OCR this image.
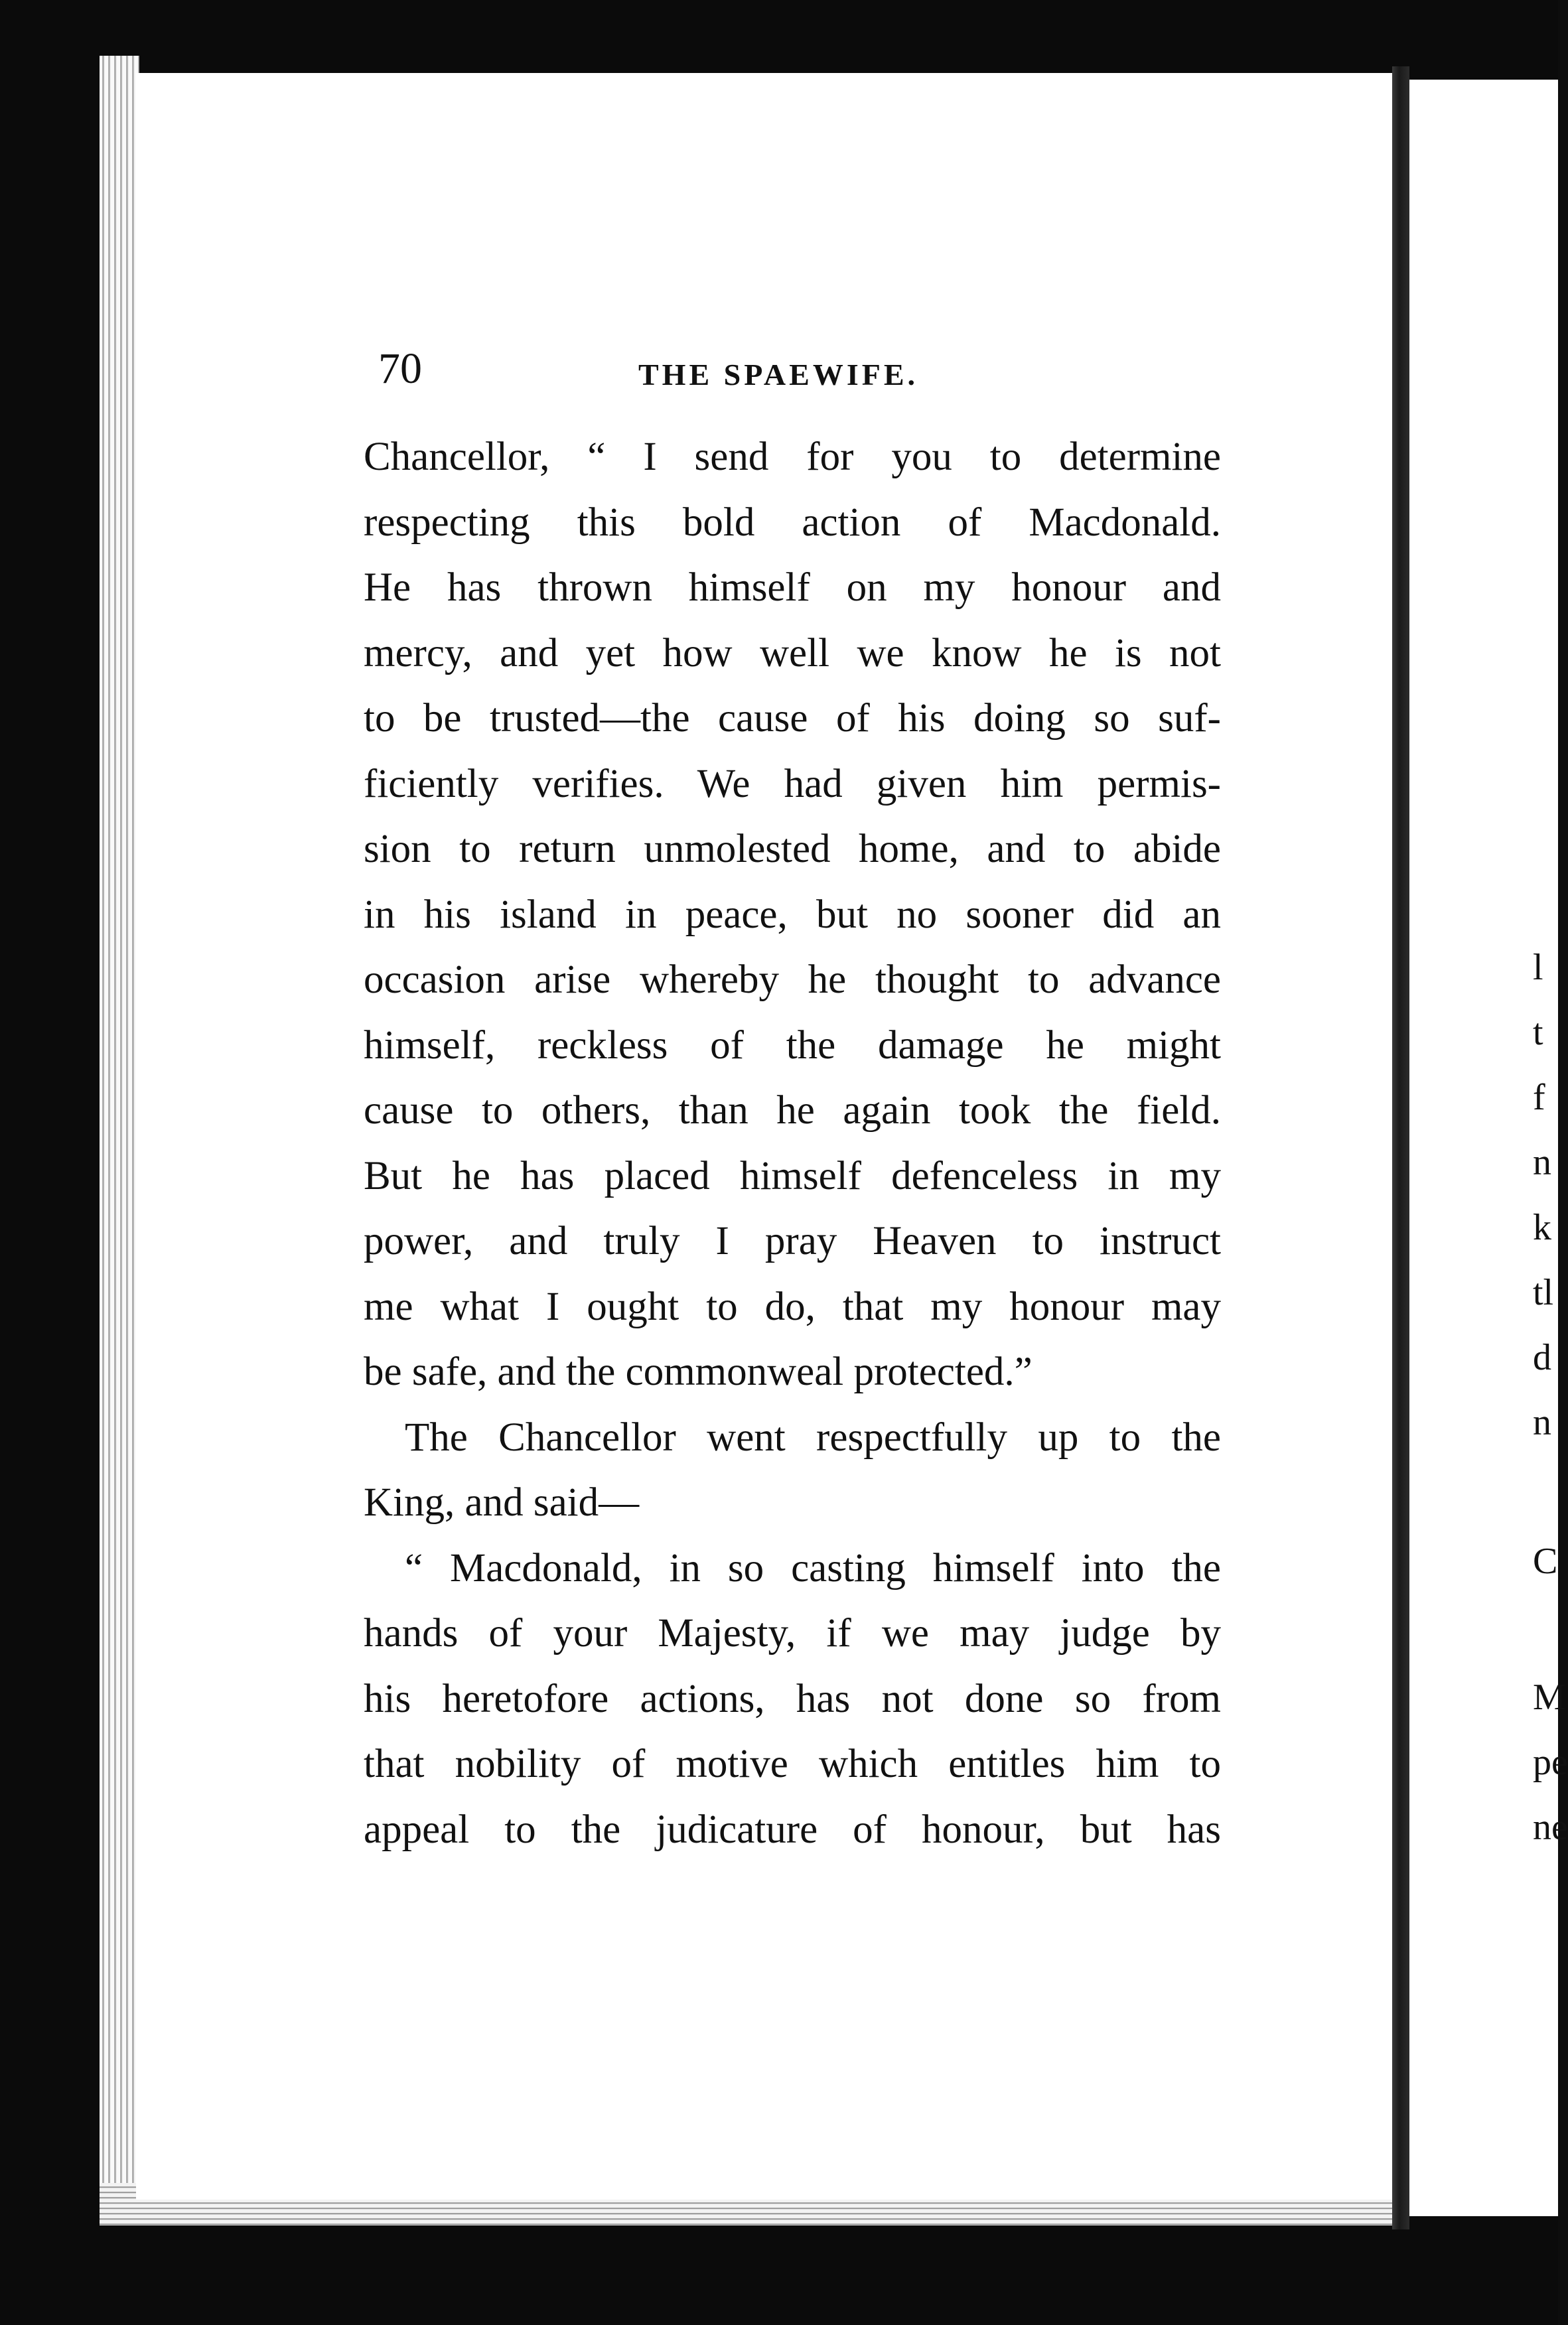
l
t
f
n
k
tl
d
n
C
M
pe
ne
70	THE SPAEWIFE.
Chancellor, “ I send for you to determine
respecting this bold action of Macdonald.
He has thrown himself on my honour and
mercy, and yet how well we know he is not
to be trusted—the cause of his doing so suf-
ficiently verifies. We had given him permis-
sion to return unmolested home, and to abide
in his island in peace, but no sooner did an
occasion arise whereby he thought to advance
himself, reckless of the damage he might
cause to others, than he again took the field.
But he has placed himself defenceless in my
power, and truly I pray Heaven to instruct
me what I ought to do, that my honour may
be safe, and the commonweal protected.”
The Chancellor went respectfully up to the
King, and said—
“ Macdonald, in so casting himself into the
hands of your Majesty, if we may judge by
his heretofore actions, has not done so from
that nobility of motive which entitles him to
appeal to the judicature of honour, but has
